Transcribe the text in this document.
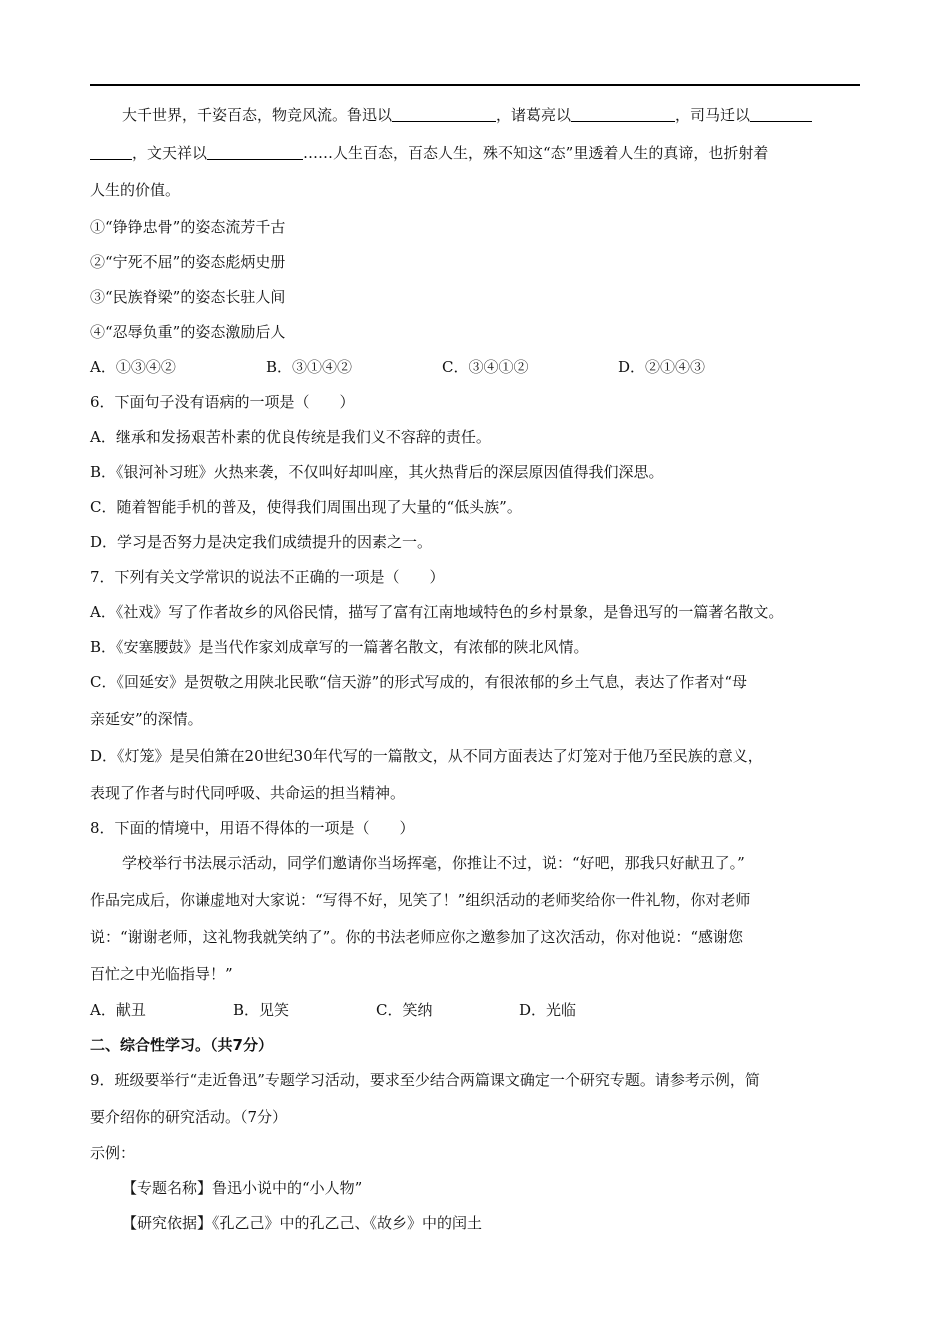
大千世界，千姿百态，物竞风流。鲁迅以	，诸葛亮以	，司马迁以
，文天祥以	……人生百态，百态人生，殊不知这“态”里透着人生的真谛，也折射着
人生的价值。
①“铮铮忠骨”的姿态流芳千古
②“宁死不屈”的姿态彪炳史册
③“民族脊梁”的姿态长驻人间
④“忍辱负重”的姿态激励后人
A．①③④②	B．③①④②	C．③④①②	D．②①④③
6．下面句子没有语病的一项是（　　）
A．继承和发扬艰苦朴素的优良传统是我们义不容辞的责任。
B．《银河补习班》火热来袭，不仅叫好却叫座，其火热背后的深层原因值得我们深思。
C．随着智能手机的普及，使得我们周围出现了大量的“低头族”。
D．学习是否努力是决定我们成绩提升的因素之一。
7．下列有关文学常识的说法不正确的一项是（　　）
A．《社戏》写了作者故乡的风俗民情，描写了富有江南地域特色的乡村景象，是鲁迅写的一篇著名散文。
B．《安塞腰鼓》是当代作家刘成章写的一篇著名散文，有浓郁的陕北风情。
C．《回延安》是贺敬之用陕北民歌“信天游”的形式写成的，有很浓郁的乡土气息，表达了作者对“母
亲延安”的深情。
D．《灯笼》是吴伯箫在20世纪30年代写的一篇散文，从不同方面表达了灯笼对于他乃至民族的意义，
表现了作者与时代同呼吸、共命运的担当精神。
8．下面的情境中，用语不得体的一项是（　　）
学校举行书法展示活动，同学们邀请你当场挥毫，你推让不过，说：“好吧，那我只好献丑了。”
作品完成后，你谦虚地对大家说：“写得不好，见笑了！”组织活动的老师奖给你一件礼物，你对老师
说：“谢谢老师，这礼物我就笑纳了”。你的书法老师应你之邀参加了这次活动，你对他说：“感谢您
百忙之中光临指导！”
A．献丑	B．见笑	C．笑纳	D．光临
二、综合性学习。（共7分）
9．班级要举行“走近鲁迅”专题学习活动，要求至少结合两篇课文确定一个研究专题。请参考示例，简
要介绍你的研究活动。（7分）
示例：
【专题名称】鲁迅小说中的“小人物”
【研究依据】《孔乙己》中的孔乙己、《故乡》中的闰土
